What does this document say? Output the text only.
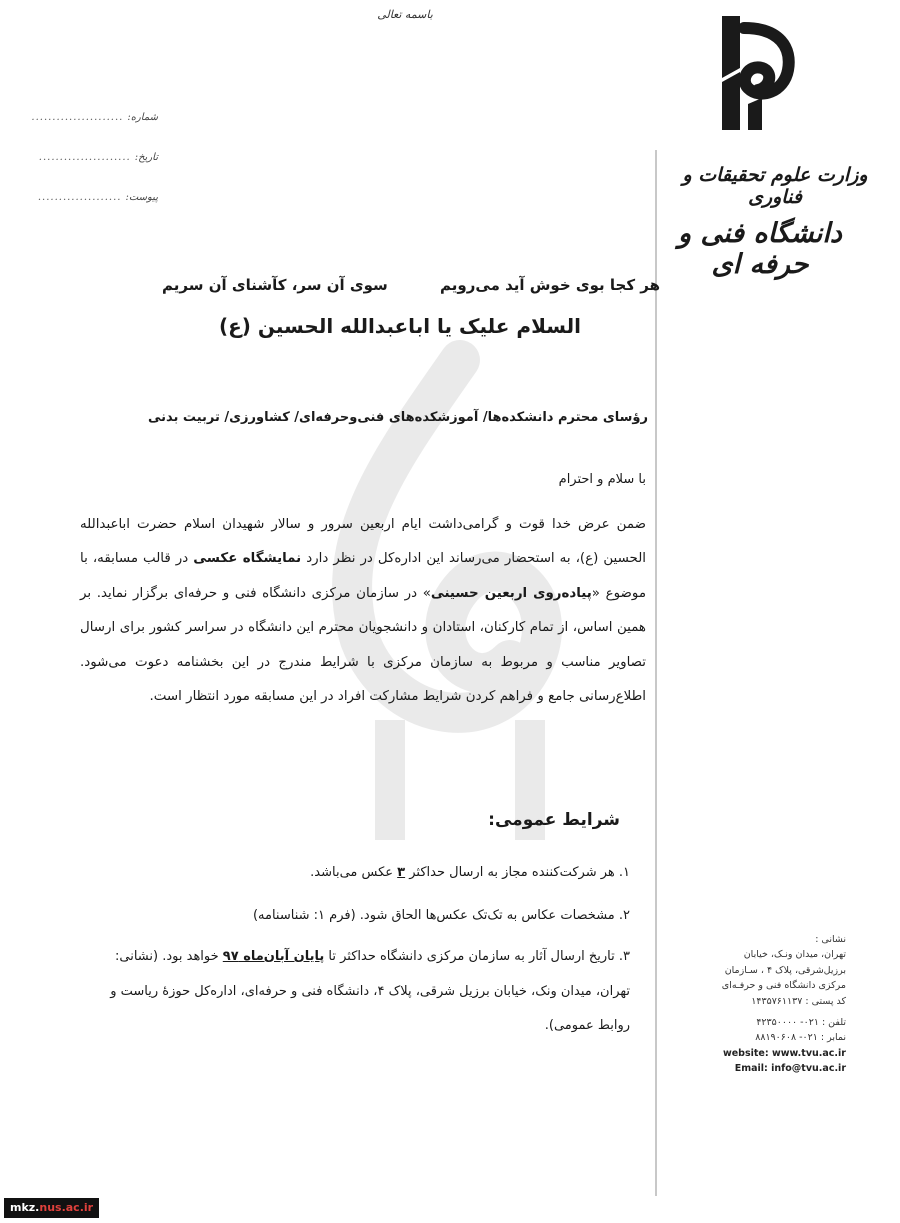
باسمه تعالی
شماره:
......................
تاریخ:
......................
پیوست:
....................
وزارت علوم تحقیقات و فناوری
دانشگاه فنی و حرفه ای
هر کجا بوی خوش آید می‌رویم          سوی آن سر، کآشنای آن سریم
السلام علیک یا اباعبدالله الحسین (ع)
رؤسای محترم دانشکده‌ها/ آموزشکده‌های فنی‌وحرفه‌ای/ کشاورزی/ تربیت بدنی
با سلام و احترام
ضمن عرض خدا قوت و گرامی‌داشت ایام اربعین سرور و سالار شهیدان اسلام حضرت اباعبدالله الحسین (ع)، به استحضار می‌رساند این اداره‌کل در نظر دارد نمایشگاه عکسی در قالب مسابقه، با موضوع «پیاده‌روی اربعین حسینی» در سازمان مرکزی دانشگاه فنی و حرفه‌ای برگزار نماید. بر همین اساس، از تمام کارکنان، استادان و دانشجویان محترم این دانشگاه در سراسر کشور برای ارسال تصاویر مناسب و مربوط به سازمان مرکزی با شرایط مندرج در این بخشنامه دعوت می‌شود. اطلاع‌رسانی جامع و فراهم کردن شرایط مشارکت افراد در این مسابقه مورد انتظار است.
شرایط عمومی:
۱. هر شرکت‌کننده مجاز به ارسال حداکثر ۳ عکس می‌باشد.
۲. مشخصات عکاس به تک‌تک عکس‌ها الحاق شود. (فرم ۱: شناسنامه)
۳. تاریخ ارسال آثار به سازمان مرکزی دانشگاه حداکثر تا پایان آبان‌ماه ۹۷ خواهد بود. (نشانی: تهران، میدان ونک، خیابان برزیل شرقی، پلاک ۴، دانشگاه فنی و حرفه‌ای، اداره‌کل حوزهٔ ریاست و روابط عمومی).
نشانی :
تهران، میدان ونـک، خیابان
برزیل‌شرقی، پلاک ۴ ، سـازمان
مرکزی دانشگاه فنی و حرفـه‌ای
کد پستی : ۱۴۳۵۷۶۱۱۳۷
تلفن : ۰۲۱- ۴۲۳۵۰۰۰۰
نمابر : ۰۲۱- ۸۸۱۹۰۶۰۸
website: www.tvu.ac.ir
Email: info@tvu.ac.ir
mkz.nus.ac.ir
